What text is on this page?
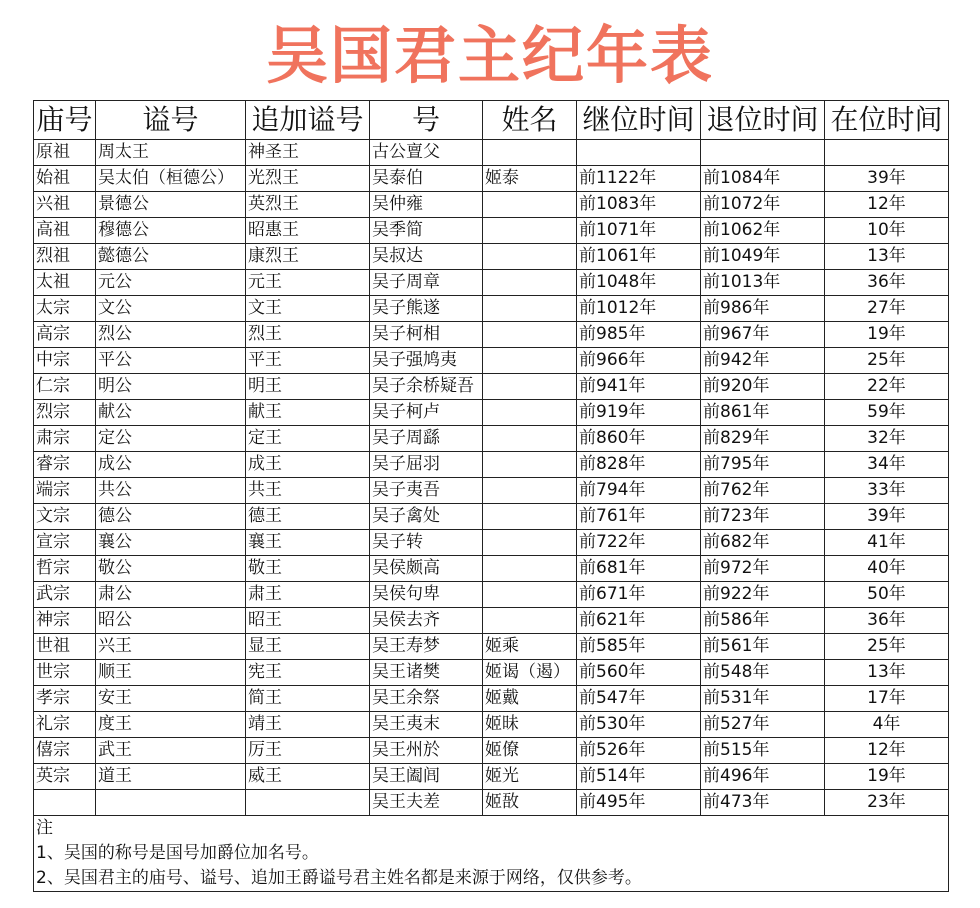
吴国君主纪年表
庙号	谥号	追加谥号	号	姓名	继位时间	退位时间	在位时间
原祖	周太王	神圣王	古公亶父				
始祖	吴太伯（桓德公）	光烈王	吴泰伯	姬泰	前1122年	前1084年	39年
兴祖	景德公	英烈王	吴仲雍		前1083年	前1072年	12年
高祖	穆德公	昭惠王	吴季简		前1071年	前1062年	10年
烈祖	懿德公	康烈王	吴叔达		前1061年	前1049年	13年
太祖	元公	元王	吴子周章		前1048年	前1013年	36年
太宗	文公	文王	吴子熊遂		前1012年	前986年	27年
高宗	烈公	烈王	吴子柯相		前985年	前967年	19年
中宗	平公	平王	吴子强鸠夷		前966年	前942年	25年
仁宗	明公	明王	吴子余桥疑吾		前941年	前920年	22年
烈宗	献公	献王	吴子柯卢		前919年	前861年	59年
肃宗	定公	定王	吴子周繇		前860年	前829年	32年
睿宗	成公	成王	吴子屈羽		前828年	前795年	34年
端宗	共公	共王	吴子夷吾		前794年	前762年	33年
文宗	德公	德王	吴子禽处		前761年	前723年	39年
宣宗	襄公	襄王	吴子转		前722年	前682年	41年
哲宗	敬公	敬王	吴侯颇高		前681年	前972年	40年
武宗	肃公	肃王	吴侯句卑		前671年	前922年	50年
神宗	昭公	昭王	吴侯去齐		前621年	前586年	36年
世祖	兴王	显王	吴王寿梦	姬乘	前585年	前561年	25年
世宗	顺王	宪王	吴王诸樊	姬谒（遏）	前560年	前548年	13年
孝宗	安王	简王	吴王余祭	姬戴	前547年	前531年	17年
礼宗	度王	靖王	吴王夷末	姬昧	前530年	前527年	4年
僖宗	武王	厉王	吴王州於	姬僚	前526年	前515年	12年
英宗	道王	威王	吴王阖闾	姬光	前514年	前496年	19年
			吴王夫差	姬敔	前495年	前473年	23年
注							
1、吴国的称号是国号加爵位加名号。							
2、吴国君主的庙号、谥号、追加王爵谥号君主姓名都是来源于网络，仅供参考。							
